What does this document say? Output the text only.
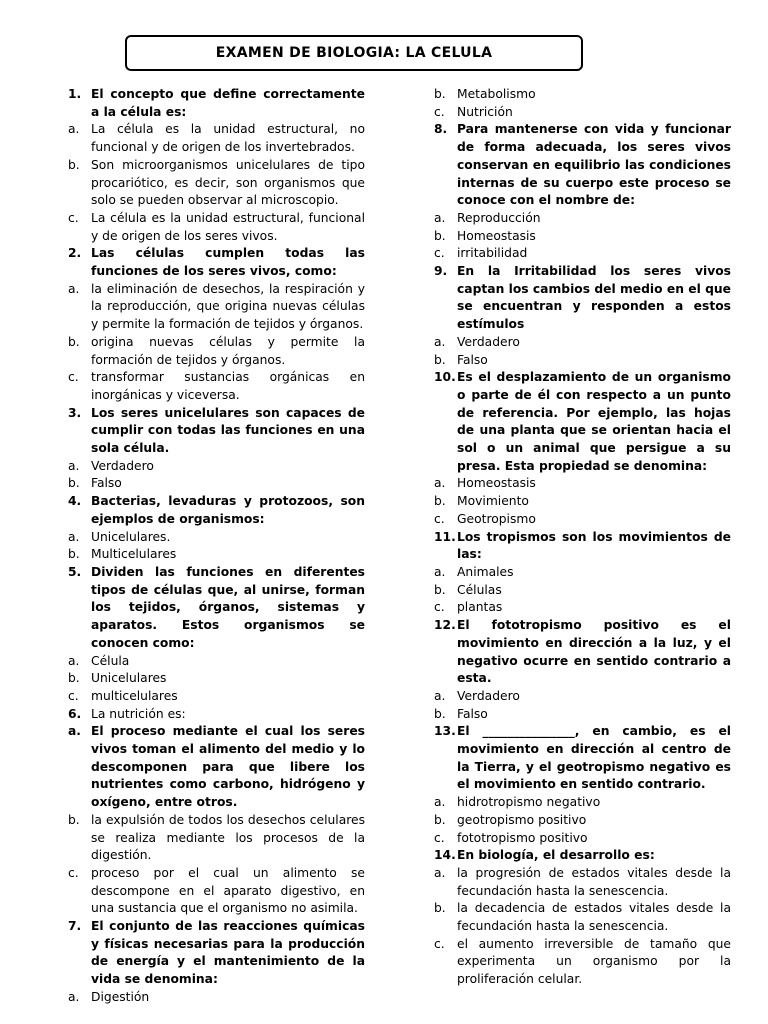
EXAMEN DE BIOLOGIA: LA CELULA
1. El concepto que define correctamente a la célula es:
a. La célula es la unidad estructural, no funcional y de origen de los invertebrados.
b. Son microorganismos unicelulares de tipo procariótico, es decir, son organismos que solo se pueden observar al microscopio.
c.	La célula es la unidad estructural, funcional y de origen de los seres vivos.
2. Las células cumplen todas las funciones de los seres vivos, como:
a. la eliminación de desechos, la respiración y la reproducción, que origina nuevas células y permite la formación de tejidos y órganos.
b. origina nuevas células y permite la formación de tejidos y órganos.
c.	transformar sustancias orgánicas en inorgánicas y viceversa.
3. Los seres unicelulares son capaces de cumplir con todas las funciones en una sola célula.
a. Verdadero
b. Falso
4. Bacterias, levaduras y protozoos, son ejemplos de organismos:
a. Unicelulares.
b. Multicelulares
5. Dividen las funciones en diferentes tipos de células que, al unirse, forman los tejidos, órganos, sistemas y aparatos. Estos organismos se conocen como:
a. Célula
b. Unicelulares
c.	multicelulares
6. La nutrición es:
a. El proceso mediante el cual los seres vivos toman el alimento del medio y lo descomponen para que libere los nutrientes como carbono, hidrógeno y oxígeno, entre otros.
b. la expulsión de todos los desechos celulares se realiza mediante los procesos de la digestión.
c.	proceso por el cual un alimento se descompone en el aparato digestivo, en una sustancia que el organismo no asimila.
7. El conjunto de las reacciones químicas y físicas necesarias para la producción de energía y el mantenimiento de la vida se denomina:
a. Digestión
b. Metabolismo
c.	Nutrición
8. Para mantenerse con vida y funcionar de forma adecuada, los seres vivos conservan en equilibrio las condiciones internas de su cuerpo este proceso se conoce con el nombre de:
a. Reproducción
b. Homeostasis
c.	irritabilidad
9. En la Irritabilidad los seres vivos captan los cambios del medio en el que se encuentran y responden a estos estímulos
a. Verdadero
b. Falso
10. Es el desplazamiento de un organismo o parte de él con respecto a un punto de referencia. Por ejemplo, las hojas de una planta que se orientan hacia el sol o un animal que persigue a su presa. Esta propiedad se denomina:
a. Homeostasis
b. Movimiento
c.	Geotropismo
11. Los tropismos son los movimientos de las:
a. Animales
b. Células
c.	plantas
12. El fototropismo positivo es el movimiento en dirección a la luz, y el negativo ocurre en sentido contrario a esta.
a. Verdadero
b. Falso
13. El _______________, en cambio, es el movimiento en dirección al centro de la Tierra, y el geotropismo negativo es el movimiento en sentido contrario.
a. hidrotropismo negativo
b. geotropismo positivo
c.	fototropismo positivo
14. En biología, el desarrollo es:
a. la progresión de estados vitales desde la fecundación hasta la senescencia.
b. la decadencia de estados vitales desde la fecundación hasta la senescencia.
c.	el aumento irreversible de tamaño que experimenta un organismo por la proliferación celular.
